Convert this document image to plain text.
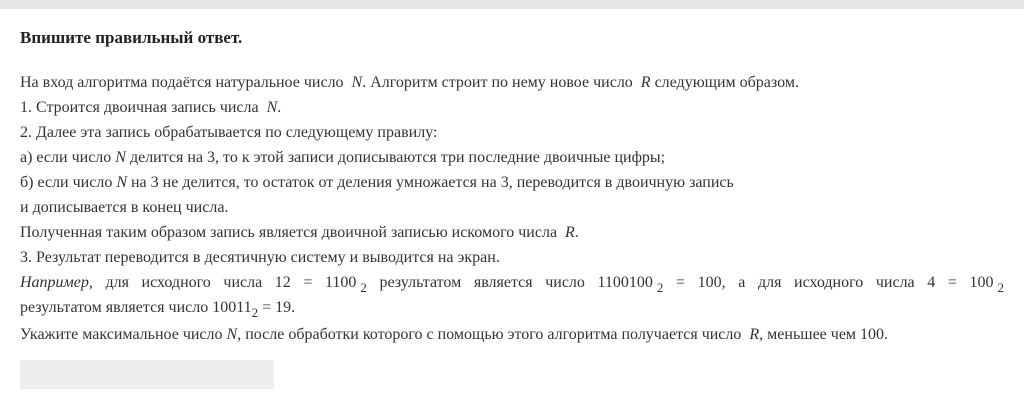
Впишите правильный ответ.
На вход алгоритма подаётся натуральное число N. Алгоритм строит по нему новое число R следующим образом.
1. Строится двоичная запись числа N.
2. Далее эта запись обрабатывается по следующему правилу:
а) если число N делится на 3, то к этой записи дописываются три последние двоичные цифры;
б) если число N на 3 не делится, то остаток от деления умножается на 3, переводится в двоичную запись
и дописывается в конец числа.
Полученная таким образом запись является двоичной записью искомого числа R.
3. Результат переводится в десятичную систему и выводится на экран.
Например, для исходного числа 12 = 1100 $_2$ результатом является число 1100100 $_2$ = 100, а для исходного числа 4 = 100 $_2$
результатом является число $10011_2 = 19$.
Укажите максимальное число N, после обработки которого с помощью этого алгоритма получается число R, меньшее чем 100.
